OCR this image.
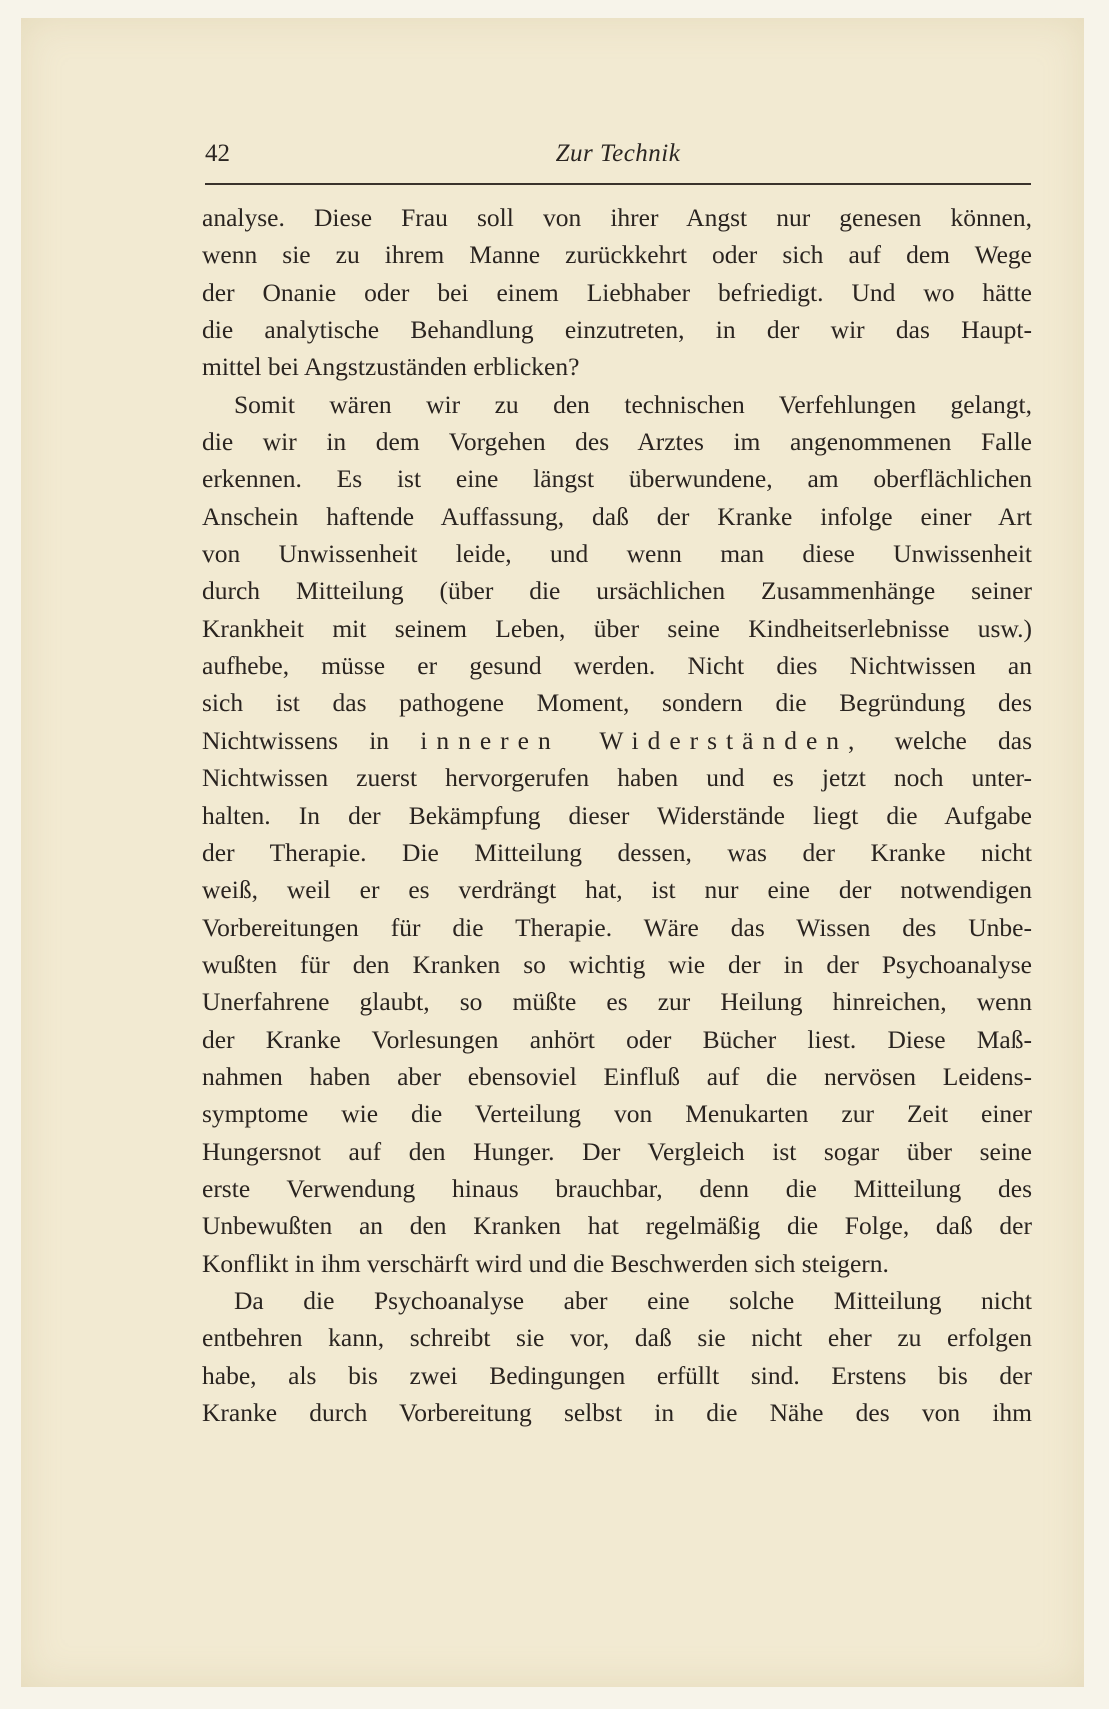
42	Zur Technik
analyse. Diese Frau soll von ihrer Angst nur genesen können,
wenn sie zu ihrem Manne zurückkehrt oder sich auf dem Wege
der Onanie oder bei einem Liebhaber befriedigt. Und wo hätte
die analytische Behandlung einzutreten, in der wir das Haupt-
mittel bei Angstzuständen erblicken?
Somit wären wir zu den technischen Verfehlungen gelangt,
die wir in dem Vorgehen des Arztes im angenommenen Falle
erkennen. Es ist eine längst überwundene, am oberflächlichen
Anschein haftende Auffassung, daß der Kranke infolge einer Art
von Unwissenheit leide, und wenn man diese Unwissenheit
durch Mitteilung (über die ursächlichen Zusammenhänge seiner
Krankheit mit seinem Leben, über seine Kindheitserlebnisse usw.)
aufhebe, müsse er gesund werden. Nicht dies Nichtwissen an
sich ist das pathogene Moment, sondern die Begründung des
Nichtwissens in inneren Widerständen, welche das
Nichtwissen zuerst hervorgerufen haben und es jetzt noch unter-
halten. In der Bekämpfung dieser Widerstände liegt die Aufgabe
der Therapie. Die Mitteilung dessen, was der Kranke nicht
weiß, weil er es verdrängt hat, ist nur eine der notwendigen
Vorbereitungen für die Therapie. Wäre das Wissen des Unbe-
wußten für den Kranken so wichtig wie der in der Psychoanalyse
Unerfahrene glaubt, so müßte es zur Heilung hinreichen, wenn
der Kranke Vorlesungen anhört oder Bücher liest. Diese Maß-
nahmen haben aber ebensoviel Einfluß auf die nervösen Leidens-
symptome wie die Verteilung von Menukarten zur Zeit einer
Hungersnot auf den Hunger. Der Vergleich ist sogar über seine
erste Verwendung hinaus brauchbar, denn die Mitteilung des
Unbewußten an den Kranken hat regelmäßig die Folge, daß der
Konflikt in ihm verschärft wird und die Beschwerden sich steigern.
Da die Psychoanalyse aber eine solche Mitteilung nicht
entbehren kann, schreibt sie vor, daß sie nicht eher zu erfolgen
habe, als bis zwei Bedingungen erfüllt sind. Erstens bis der
Kranke durch Vorbereitung selbst in die Nähe des von ihm
